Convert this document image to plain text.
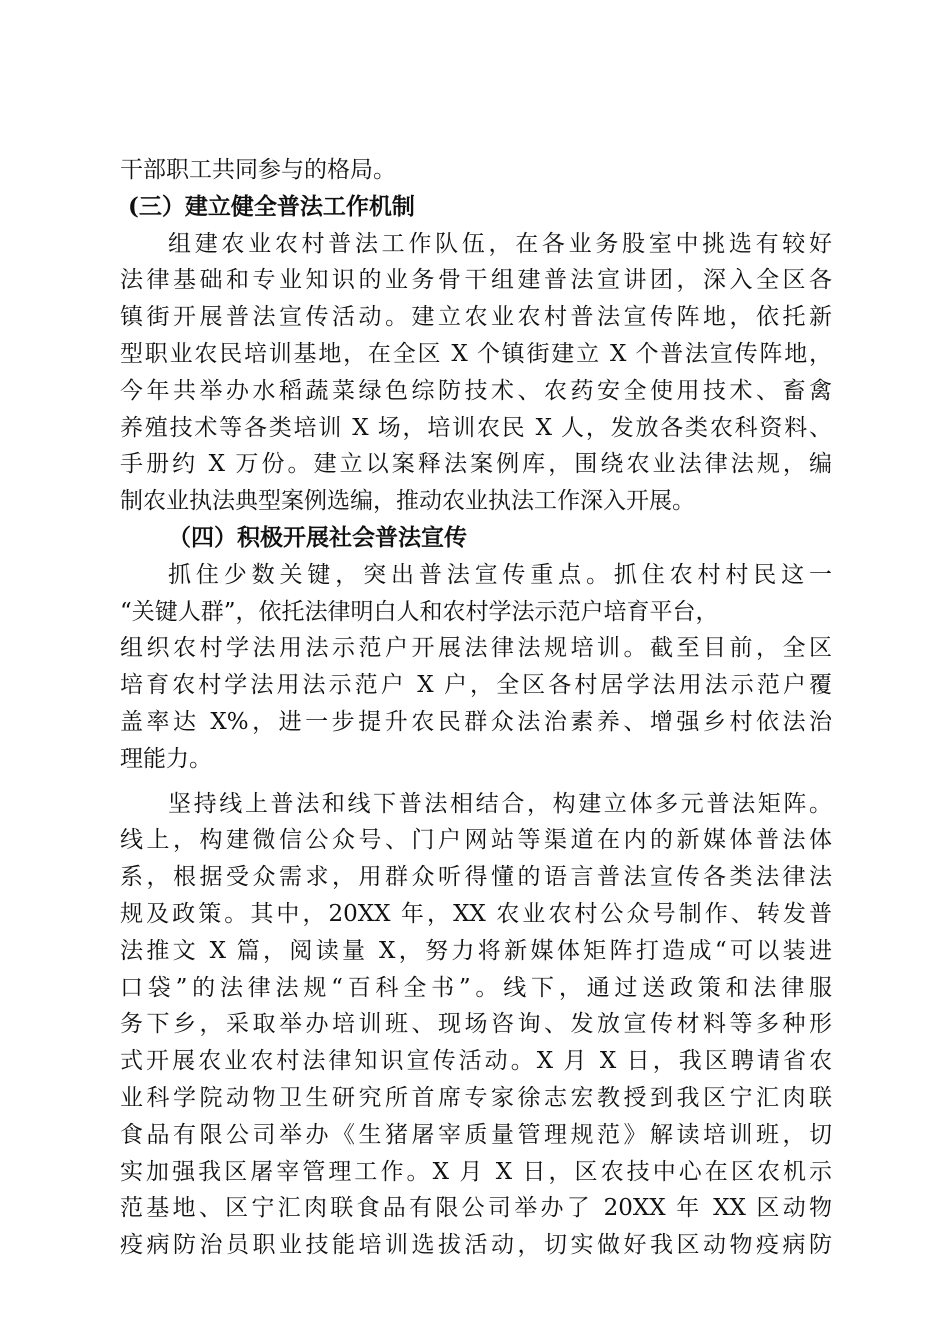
干部职工共同参与的格局。
(三）建立健全普法工作机制
组建农业农村普法工作队伍，在各业务股室中挑选有较好
法律基础和专业知识的业务骨干组建普法宣讲团，深入全区各
镇街开展普法宣传活动。建立农业农村普法宣传阵地，依托新
型职业农民培训基地，在全区 X 个镇街建立 X 个普法宣传阵地，
今年共举办水稻蔬菜绿色综防技术、农药安全使用技术、畜禽
养殖技术等各类培训 X 场，培训农民 X 人，发放各类农科资料、
手册约 X 万份。建立以案释法案例库，围绕农业法律法规，编
制农业执法典型案例选编，推动农业执法工作深入开展。
（四）积极开展社会普法宣传
抓住少数关键，突出普法宣传重点。抓住农村村民这一
“关键人群”，依托法律明白人和农村学法示范户培育平台，
组织农村学法用法示范户开展法律法规培训。截至目前，全区
培育农村学法用法示范户 X 户，全区各村居学法用法示范户覆
盖率达 X%，进一步提升农民群众法治素养、增强乡村依法治
理能力。
坚持线上普法和线下普法相结合，构建立体多元普法矩阵。
线上，构建微信公众号、门户网站等渠道在内的新媒体普法体
系，根据受众需求，用群众听得懂的语言普法宣传各类法律法
规及政策。其中，20XX 年，XX 农业农村公众号制作、转发普
法推文 X 篇，阅读量 X，努力将新媒体矩阵打造成“可以装进
口袋”的法律法规“百科全书”。线下，通过送政策和法律服
务下乡，采取举办培训班、现场咨询、发放宣传材料等多种形
式开展农业农村法律知识宣传活动。X 月 X 日，我区聘请省农
业科学院动物卫生研究所首席专家徐志宏教授到我区宁汇肉联
食品有限公司举办《生猪屠宰质量管理规范》解读培训班，切
实加强我区屠宰管理工作。X 月 X 日，区农技中心在区农机示
范基地、区宁汇肉联食品有限公司举办了 20XX 年 XX 区动物
疫病防治员职业技能培训选拔活动，切实做好我区动物疫病防
